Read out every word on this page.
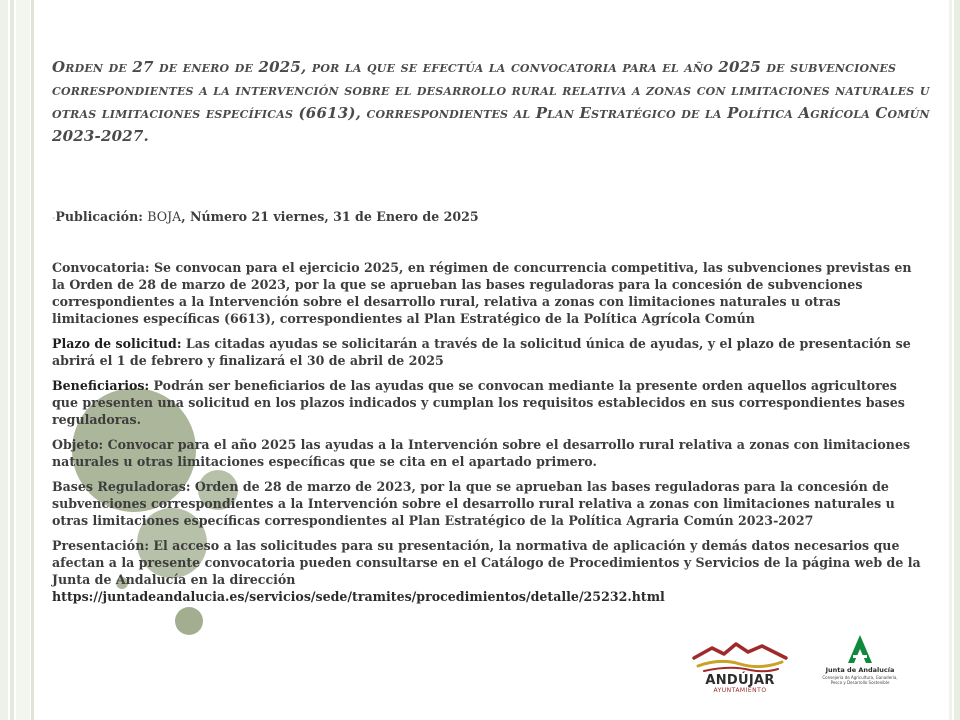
Orden de 27 de enero de 2025, por la que se efectúa la convocatoria para el año 2025 de subvenciones correspondientes a la intervención sobre el desarrollo rural relativa a zonas con limitaciones naturales u otras limitaciones específicas (6613), correspondientes al Plan Estratégico de la Política Agrícola Común 2023-2027.

-Publicación: BOJA, Número 21 viernes, 31 de Enero de 2025

Convocatoria: Se convocan para el ejercicio 2025, en régimen de concurrencia competitiva, las subvenciones previstas en la Orden de 28 de marzo de 2023, por la que se aprueban las bases reguladoras para la concesión de subvenciones correspondientes a la Intervención sobre el desarrollo rural, relativa a zonas con limitaciones naturales u otras limitaciones específicas (6613), correspondientes al Plan Estratégico de la Política Agrícola Común

Plazo de solicitud: Las citadas ayudas se solicitarán a través de la solicitud única de ayudas, y el plazo de presentación se abrirá el 1 de febrero y finalizará el 30 de abril de 2025

Beneficiarios: Podrán ser beneficiarios de las ayudas que se convocan mediante la presente orden aquellos agricultores que presenten una solicitud en los plazos indicados y cumplan los requisitos establecidos en sus correspondientes bases reguladoras.

Objeto: Convocar para el año 2025 las ayudas a la Intervención sobre el desarrollo rural relativa a zonas con limitaciones naturales u otras limitaciones específicas que se cita en el apartado primero.

Bases Reguladoras: Orden de 28 de marzo de 2023, por la que se aprueban las bases reguladoras para la concesión de subvenciones correspondientes a la Intervención sobre el desarrollo rural relativa a zonas con limitaciones naturales u otras limitaciones específicas correspondientes al Plan Estratégico de la Política Agraria Común 2023-2027

Presentación: El acceso a las solicitudes para su presentación, la normativa de aplicación y demás datos necesarios que afectan a la presente convocatoria pueden consultarse en el Catálogo de Procedimientos y Servicios de la página web de la Junta de Andalucía en la dirección
https://juntadeandalucia.es/servicios/sede/tramites/procedimientos/detalle/25232.html

ANDÚJAR
AYUNTAMIENTO
Junta de Andalucía
Consejería de Agricultura, Ganadería, Pesca y Desarrollo Sostenible
